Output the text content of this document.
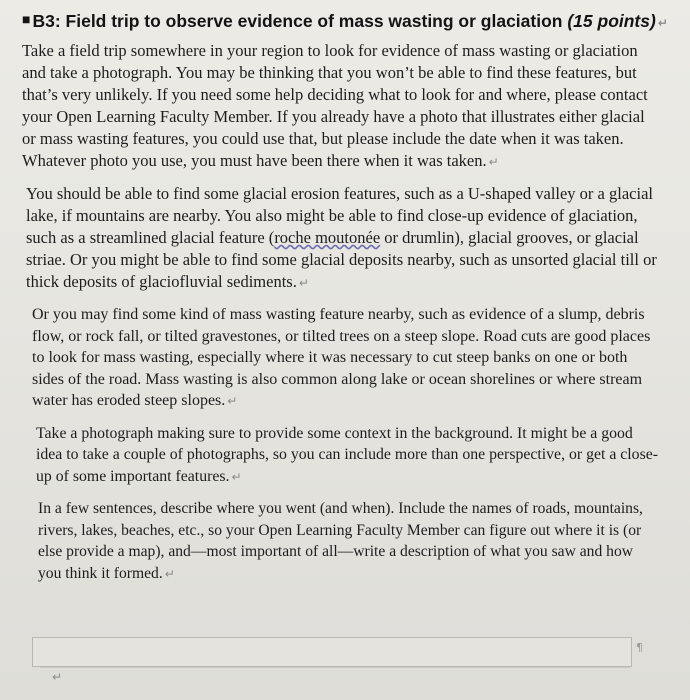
■ B3: Field trip to observe evidence of mass wasting or glaciation (15 points) ↵

Take a field trip somewhere in your region to look for evidence of mass wasting or glaciation and take a photograph. You may be thinking that you won’t be able to find these features, but that’s very unlikely. If you need some help deciding what to look for and where, please contact your Open Learning Faculty Member. If you already have a photo that illustrates either glacial or mass wasting features, you could use that, but please include the date when it was taken. Whatever photo you use, you must have been there when it was taken. ↵

You should be able to find some glacial erosion features, such as a U-shaped valley or a glacial lake, if mountains are nearby. You also might be able to find close-up evidence of glaciation, such as a streamlined glacial feature (roche moutonée or drumlin), glacial grooves, or glacial striae. Or you might be able to find some glacial deposits nearby, such as unsorted glacial till or thick deposits of glaciofluvial sediments. ↵

Or you may find some kind of mass wasting feature nearby, such as evidence of a slump, debris flow, or rock fall, or tilted gravestones, or tilted trees on a steep slope. Road cuts are good places to look for mass wasting, especially where it was necessary to cut steep banks on one or both sides of the road. Mass wasting is also common along lake or ocean shorelines or where stream water has eroded steep slopes. ↵

Take a photograph making sure to provide some context in the background. It might be a good idea to take a couple of photographs, so you can include more than one perspective, or get a close-up of some important features. ↵

In a few sentences, describe where you went (and when). Include the names of roads, mountains, rivers, lakes, beaches, etc., so your Open Learning Faculty Member can figure out where it is (or else provide a map), and—most important of all—write a description of what you saw and how you think it formed. ↵

¶
↵
